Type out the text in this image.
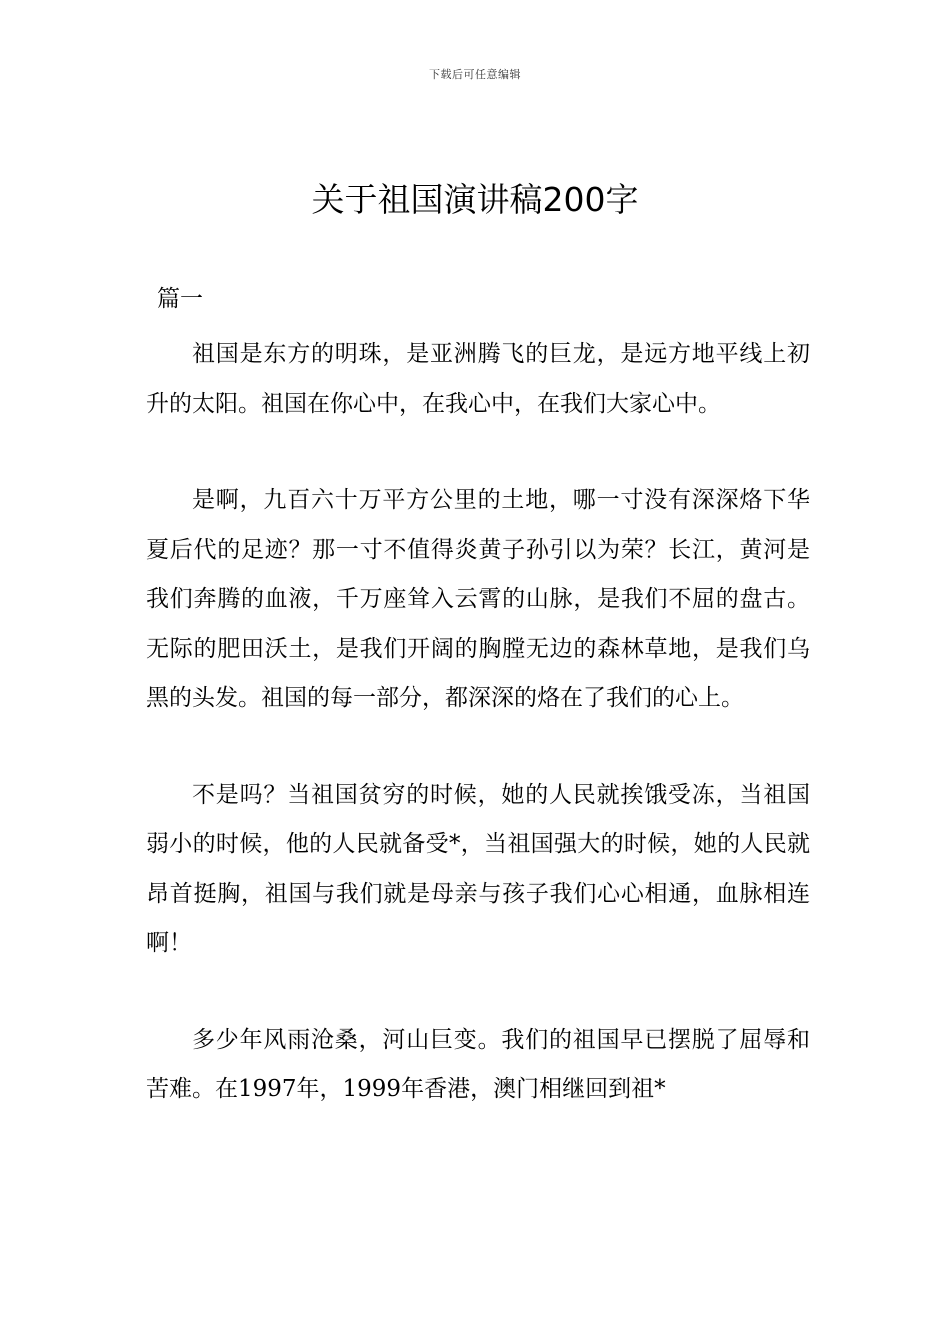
下载后可任意编辑
关于祖国演讲稿200字

篇一

祖国是东方的明珠，是亚洲腾飞的巨龙，是远方地平线上初升的太阳。祖国在你心中，在我心中，在我们大家心中。

是啊，九百六十万平方公里的土地，哪一寸没有深深烙下华夏后代的足迹？那一寸不值得炎黄子孙引以为荣？长江，黄河是我们奔腾的血液，千万座耸入云霄的山脉，是我们不屈的盘古。无际的肥田沃土，是我们开阔的胸膛无边的森林草地，是我们乌黑的头发。祖国的每一部分，都深深的烙在了我们的心上。

不是吗？当祖国贫穷的时候，她的人民就挨饿受冻，当祖国弱小的时候，他的人民就备受*，当祖国强大的时候，她的人民就昂首挺胸，祖国与我们就是母亲与孩子我们心心相通，血脉相连啊！

多少年风雨沧桑，河山巨变。我们的祖国早已摆脱了屈辱和苦难。在1997年，1999年香港，澳门相继回到祖*
